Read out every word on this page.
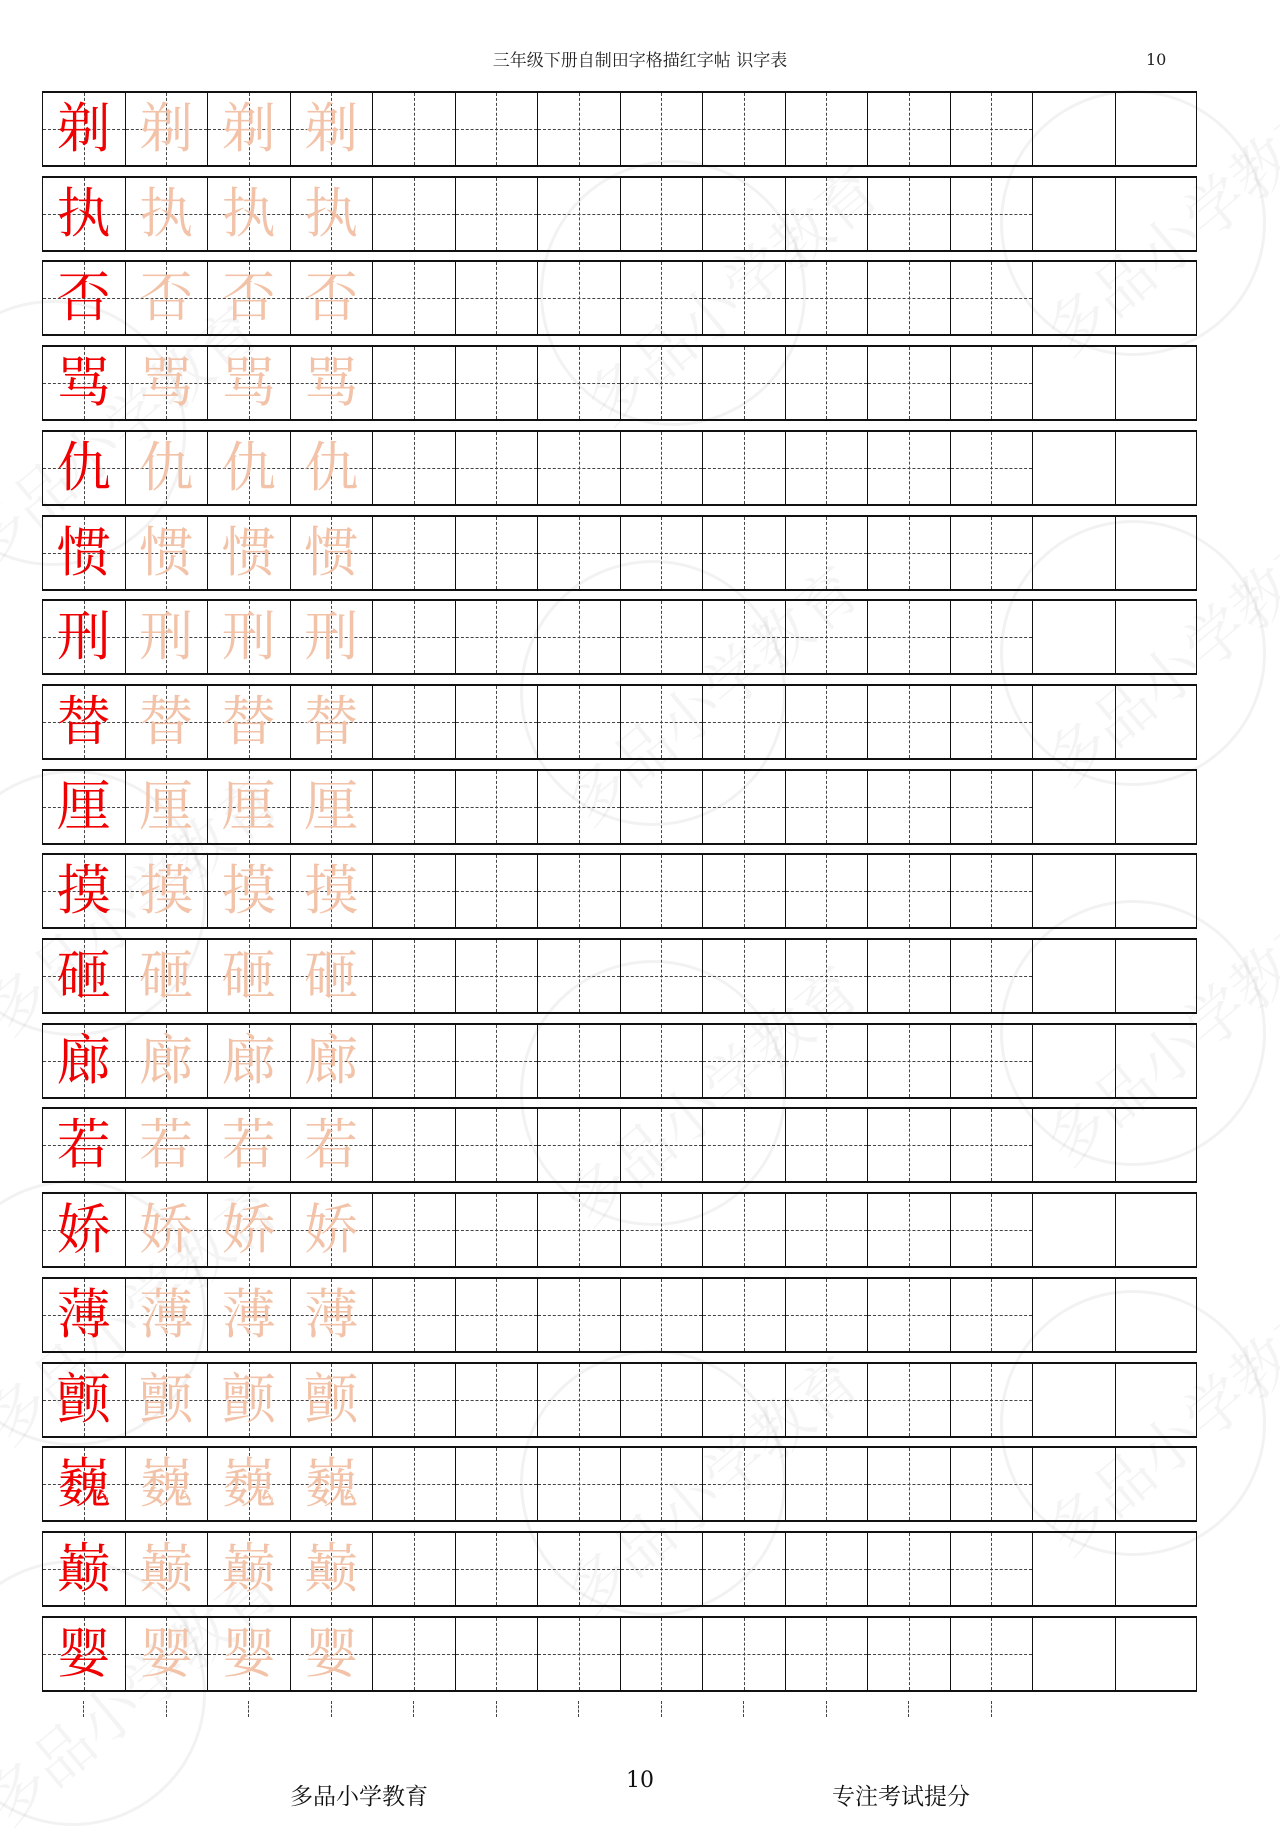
三年级下册自制田字格描红字帖 识字表	10
剃 剃 剃 剃
执 执 执 执
否 否 否 否
骂 骂 骂 骂
仇 仇 仇 仇
惯 惯 惯 惯
刑 刑 刑 刑
替 替 替 替
厘 厘 厘 厘
摸 摸 摸 摸
砸 砸 砸 砸
廊 廊 廊 廊
若 若 若 若
娇 娇 娇 娇
薄 薄 薄 薄
颤 颤 颤 颤
巍 巍 巍 巍
巅 巅 巅 巅
婴 婴 婴 婴
10
多品小学教育	专注考试提分
